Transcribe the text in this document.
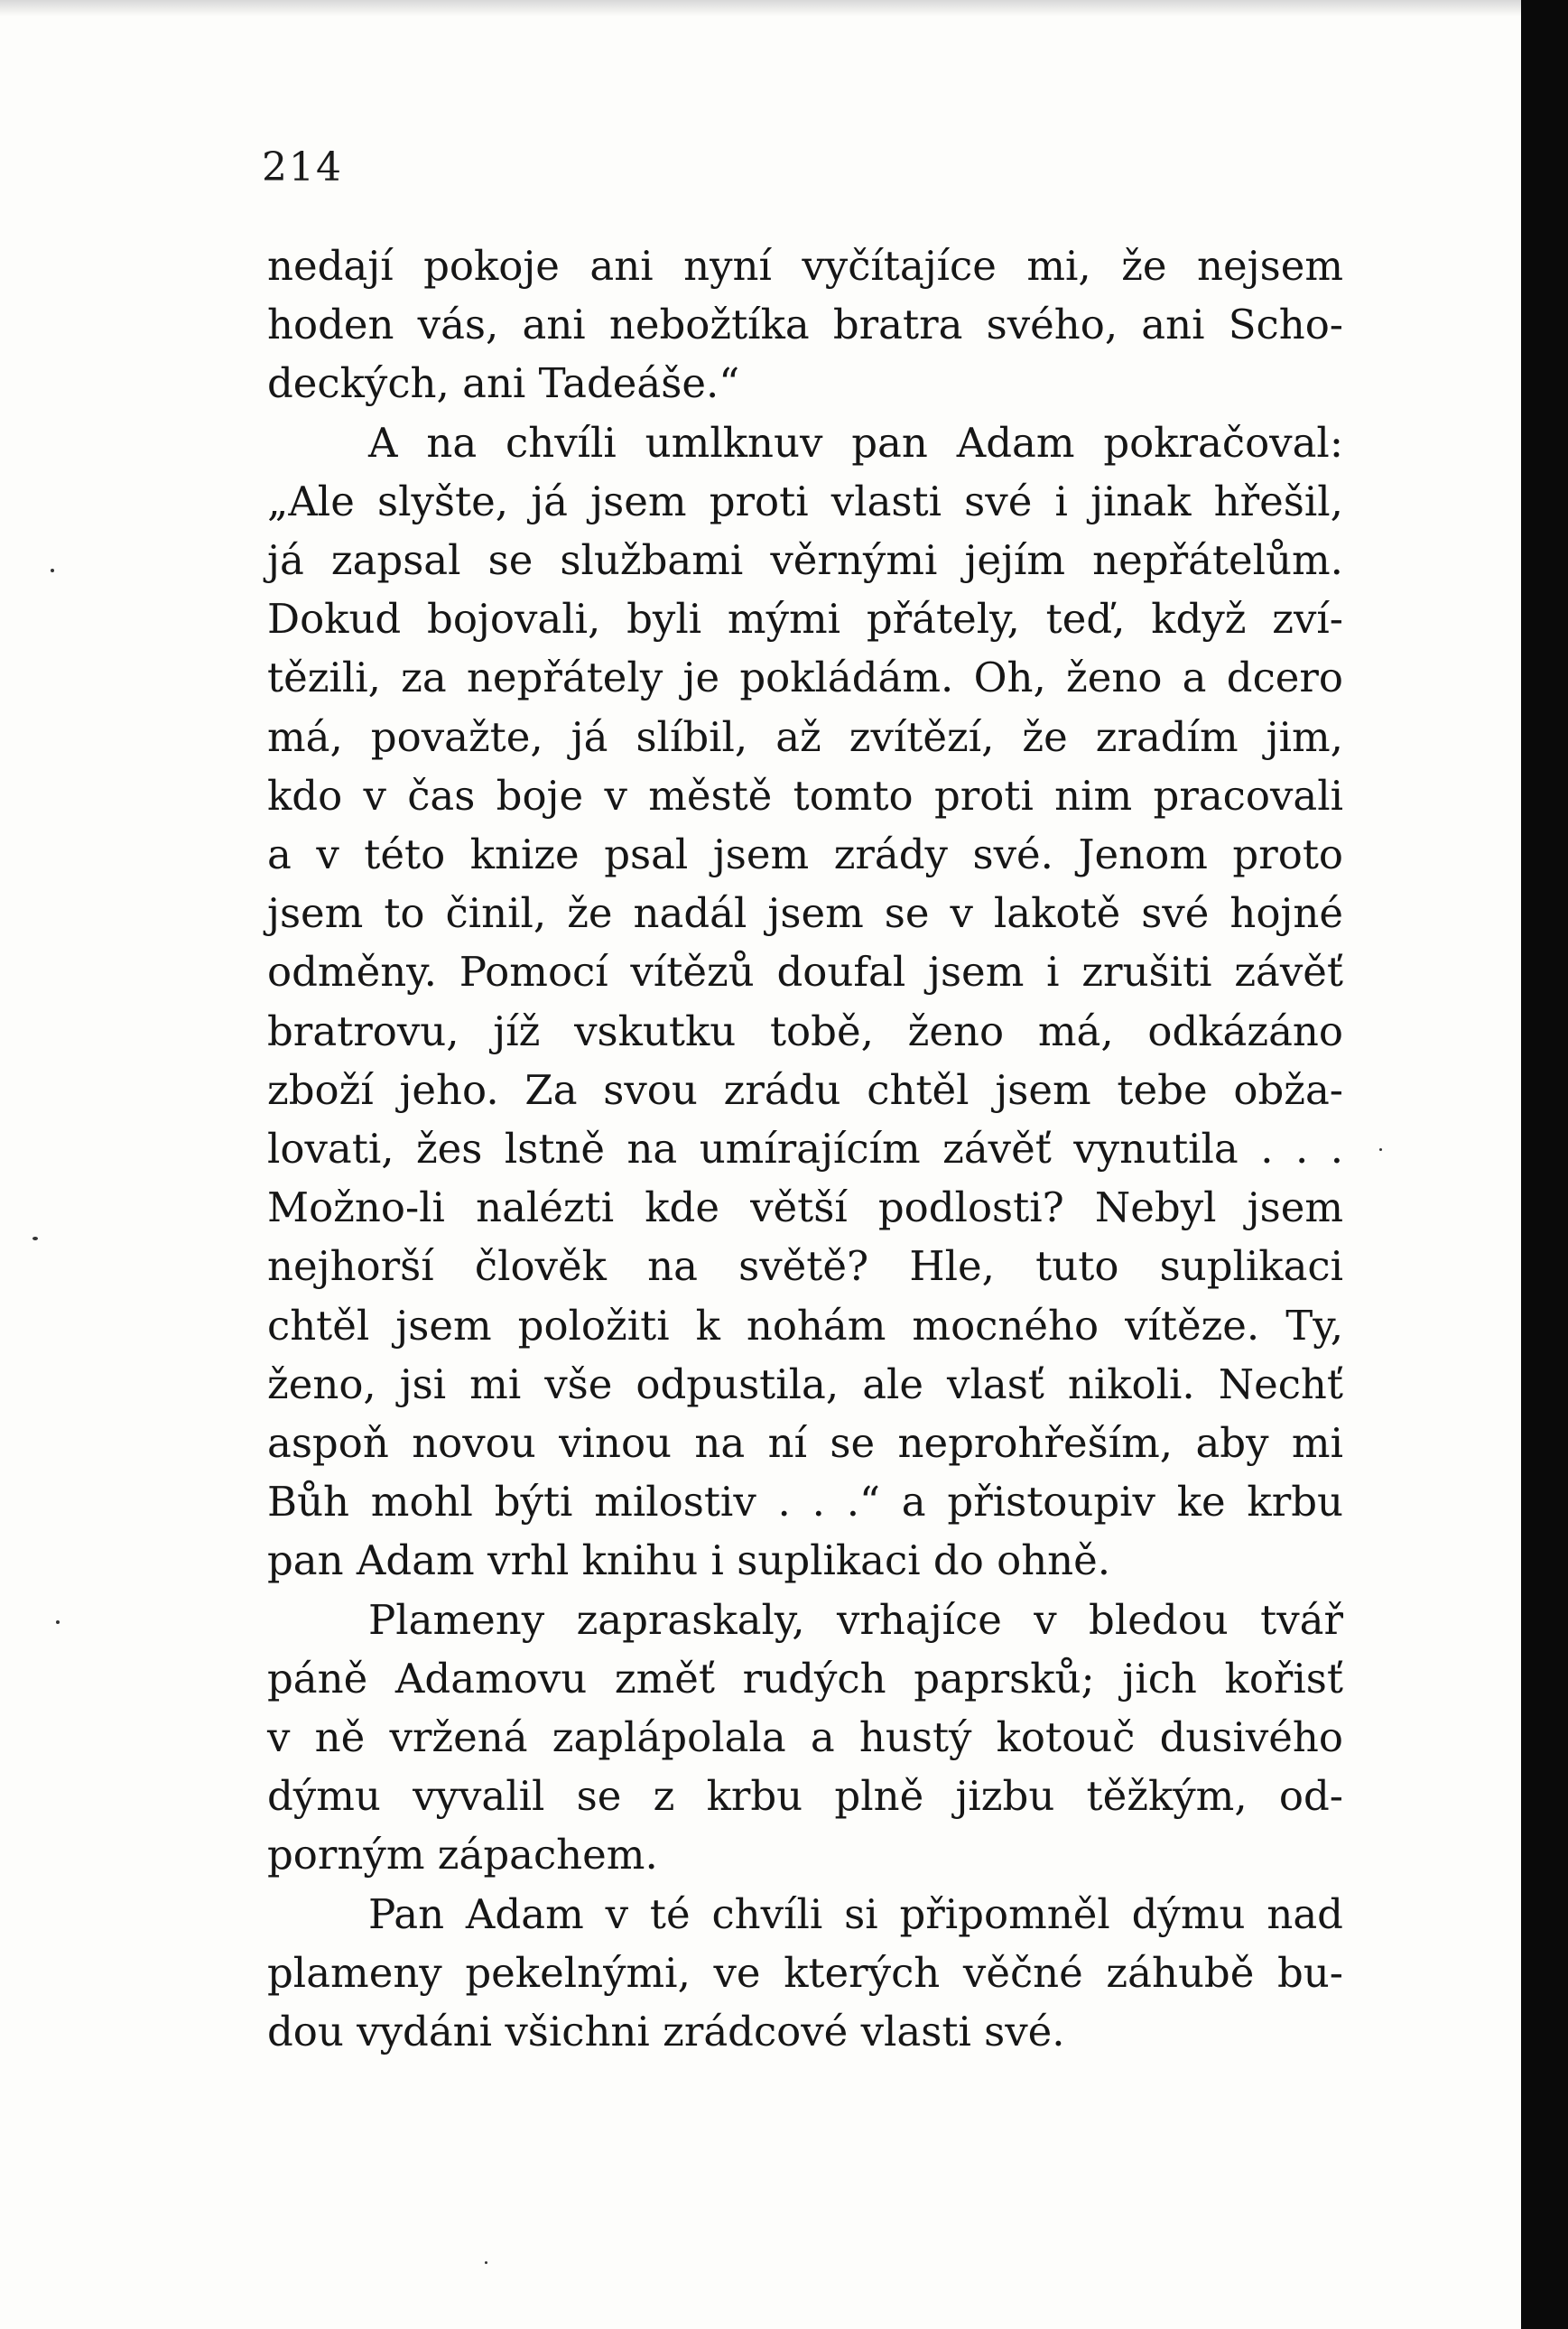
214
nedají pokoje ani nyní vyčítajíce mi, že nejsem
hoden vás, ani nebožtíka bratra svého, ani Scho-
deckých, ani Tadeáše.“
A na chvíli umlknuv pan Adam pokračoval:
„Ale slyšte, já jsem proti vlasti své i jinak hřešil,
já zapsal se službami věrnými jejím nepřátelům.
Dokud bojovali, byli mými přátely, teď, když zví-
tězili, za nepřátely je pokládám. Oh, ženo a dcero
má, považte, já slíbil, až zvítězí, že zradím jim,
kdo v čas boje v městě tomto proti nim pracovali
a v této knize psal jsem zrády své. Jenom proto
jsem to činil, že nadál jsem se v lakotě své hojné
odměny. Pomocí vítězů doufal jsem i zrušiti závěť
bratrovu, jíž vskutku tobě, ženo má, odkázáno
zboží jeho. Za svou zrádu chtěl jsem tebe obža-
lovati, žes lstně na umírajícím závěť vynutila . . .
Možno-li nalézti kde větší podlosti? Nebyl jsem
nejhorší člověk na světě? Hle, tuto suplikaci
chtěl jsem položiti k nohám mocného vítěze. Ty,
ženo, jsi mi vše odpustila, ale vlasť nikoli. Nechť
aspoň novou vinou na ní se neprohřeším, aby mi
Bůh mohl býti milostiv . . .“ a přistoupiv ke krbu
pan Adam vrhl knihu i suplikaci do ohně.
Plameny zapraskaly, vrhajíce v bledou tvář
páně Adamovu změť rudých paprsků; jich kořisť
v ně vržená zaplápolala a hustý kotouč dusivého
dýmu vyvalil se z krbu plně jizbu těžkým, od-
porným zápachem.
Pan Adam v té chvíli si připomněl dýmu nad
plameny pekelnými, ve kterých věčné záhubě bu-
dou vydáni všichni zrádcové vlasti své.
